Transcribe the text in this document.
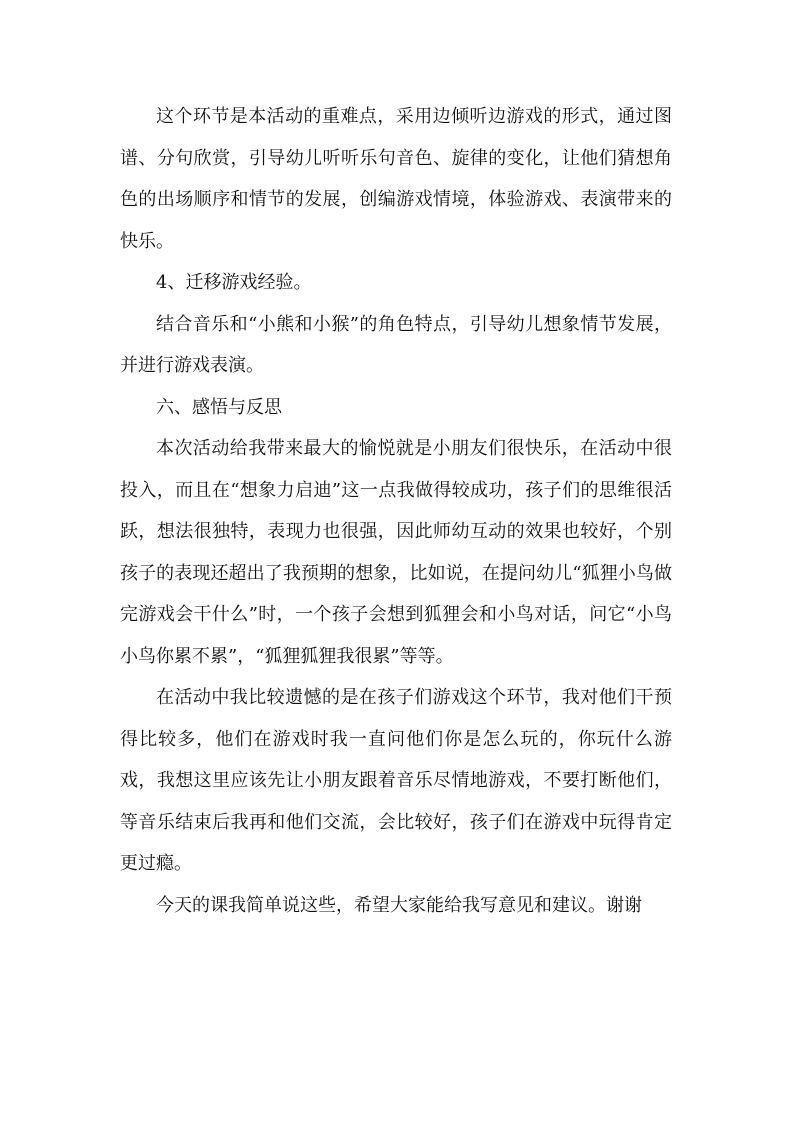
这个环节是本活动的重难点，采用边倾听边游戏的形式，通过图谱、分句欣赏，引导幼儿听听乐句音色、旋律的变化，让他们猜想角色的出场顺序和情节的发展，创编游戏情境，体验游戏、表演带来的快乐。

4、迁移游戏经验。

结合音乐和“小熊和小猴”的角色特点，引导幼儿想象情节发展，并进行游戏表演。

六、感悟与反思

本次活动给我带来最大的愉悦就是小朋友们很快乐，在活动中很投入，而且在“想象力启迪”这一点我做得较成功，孩子们的思维很活跃，想法很独特，表现力也很强，因此师幼互动的效果也较好，个别孩子的表现还超出了我预期的想象，比如说，在提问幼儿“狐狸小鸟做完游戏会干什么”时，一个孩子会想到狐狸会和小鸟对话，问它“小鸟小鸟你累不累”，“狐狸狐狸我很累”等等。

在活动中我比较遗憾的是在孩子们游戏这个环节，我对他们干预得比较多，他们在游戏时我一直问他们你是怎么玩的，你玩什么游戏，我想这里应该先让小朋友跟着音乐尽情地游戏，不要打断他们，等音乐结束后我再和他们交流，会比较好，孩子们在游戏中玩得肯定更过瘾。

今天的课我简单说这些，希望大家能给我写意见和建议。谢谢
